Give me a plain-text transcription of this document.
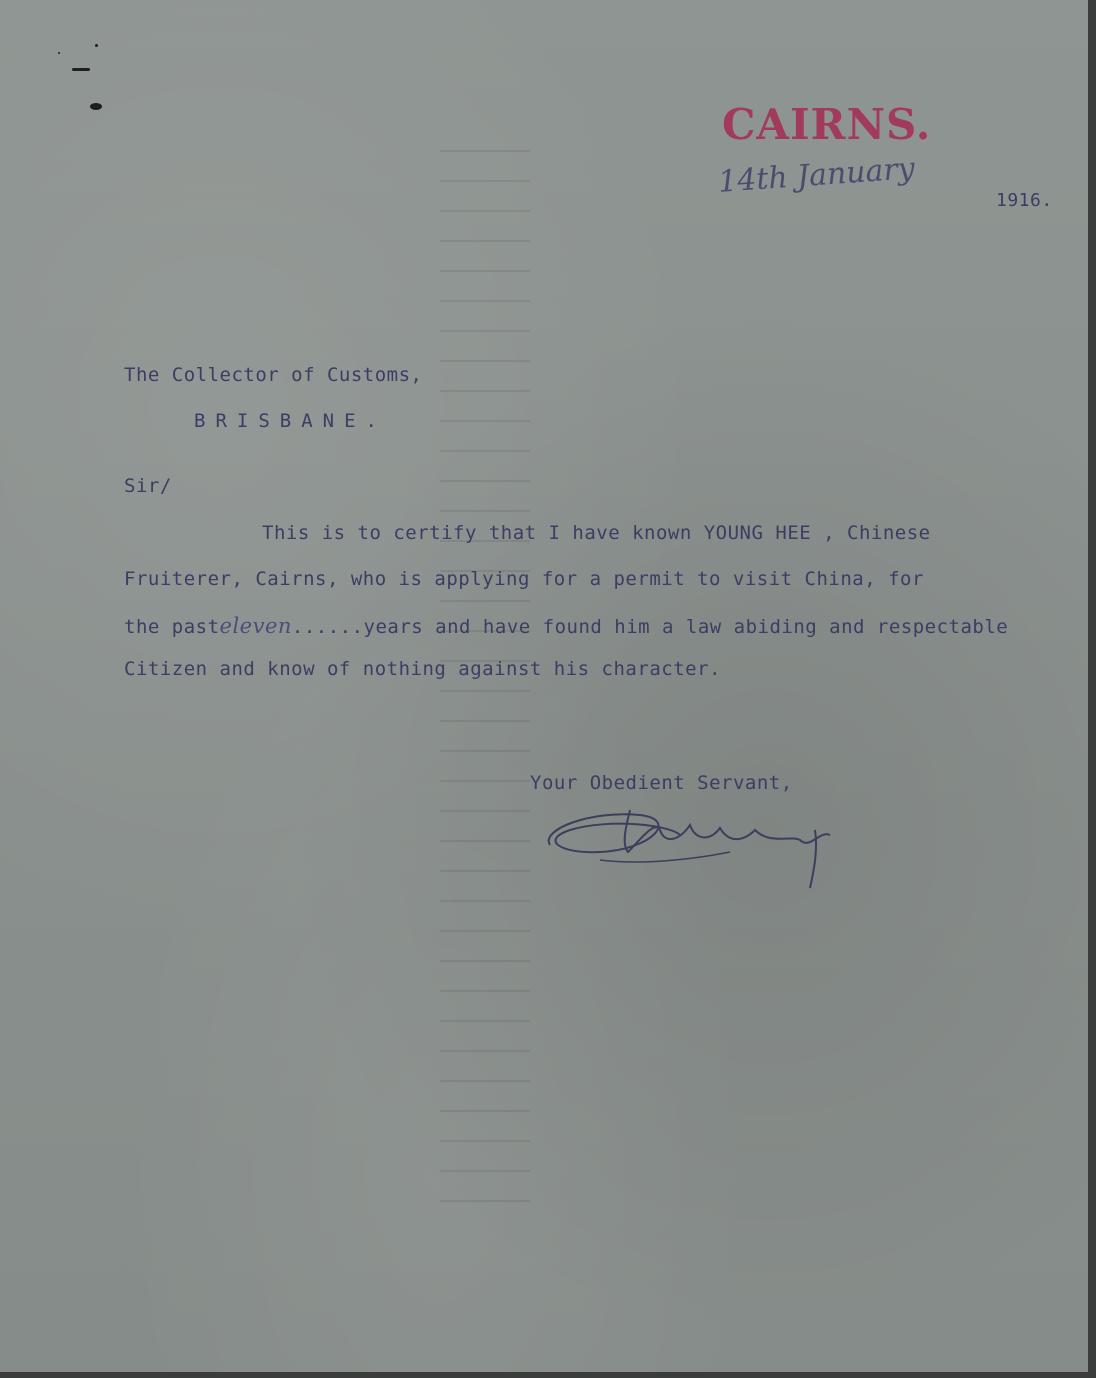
CAIRNS.
14th January
1916.
The Collector of Customs,
BRISBANE.
Sir/
This is to certify that I have known YOUNG HEE , Chinese
Fruiterer, Cairns, who is applying for a permit to visit China, for
the pasteleven......years and have found him a law abiding and respectable
Citizen and know of nothing against his character.
Your Obedient Servant,
